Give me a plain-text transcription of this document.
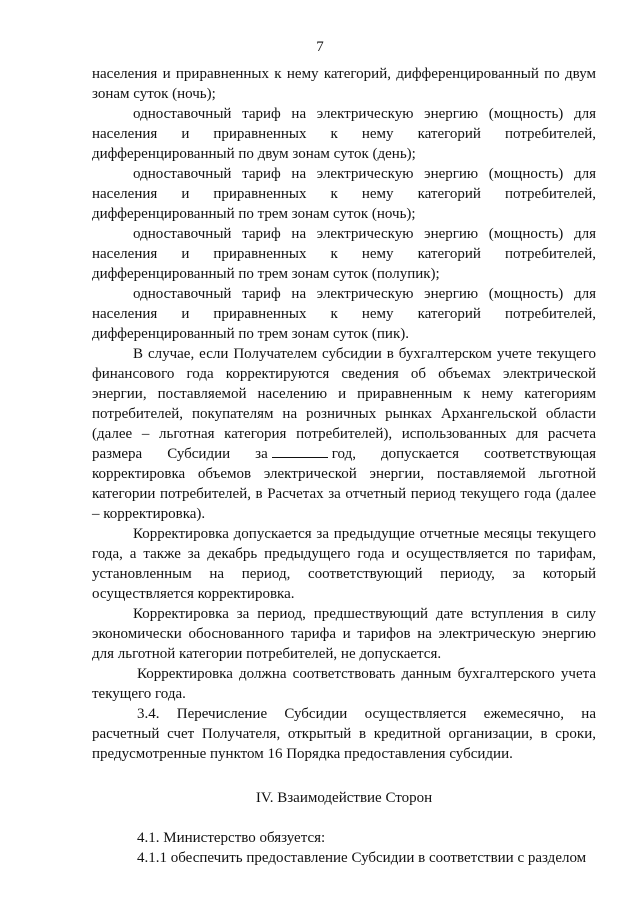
7

населения и приравненных к нему категорий, дифференцированный по двум

зонам суток (ночь);

одноставочный тариф на электрическую энергию (мощность) для

населения и приравненных к нему категорий потребителей,

дифференцированный по двум зонам суток (день);

одноставочный тариф на электрическую энергию (мощность) для

населения и приравненных к нему категорий потребителей,

дифференцированный по трем зонам суток (ночь);

одноставочный тариф на электрическую энергию (мощность) для

населения и приравненных к нему категорий потребителей,

дифференцированный по трем зонам суток (полупик);

одноставочный тариф на электрическую энергию (мощность) для

населения и приравненных к нему категорий потребителей,

дифференцированный по трем зонам суток (пик).

В случае, если Получателем субсидии в бухгалтерском учете текущего

финансового года корректируются сведения об объемах электрической

энергии, поставляемой населению и приравненным к нему категориям

потребителей, покупателям на розничных рынках Архангельской области

(далее – льготная категория потребителей), использованных для расчета

размера Субсидии за	год, допускается соответствующая

корректировка объемов электрической энергии, поставляемой льготной

категории потребителей, в Расчетах за отчетный период текущего года (далее

– корректировка).

Корректировка допускается за предыдущие отчетные месяцы текущего

года, а также за декабрь предыдущего года и осуществляется по тарифам,

установленным на период, соответствующий периоду, за который

осуществляется корректировка.

Корректировка за период, предшествующий дате вступления в силу

экономически обоснованного тарифа и тарифов на электрическую энергию

для льготной категории потребителей, не допускается.

Корректировка должна соответствовать данным бухгалтерского учета

текущего года.

3.4. Перечисление Субсидии осуществляется ежемесячно, на

расчетный счет Получателя, открытый в кредитной организации, в сроки,

предусмотренные пунктом 16 Порядка предоставления субсидии.

IV. Взаимодействие Сторон

4.1. Министерство обязуется:

4.1.1 обеспечить предоставление Субсидии в соответствии с разделом
